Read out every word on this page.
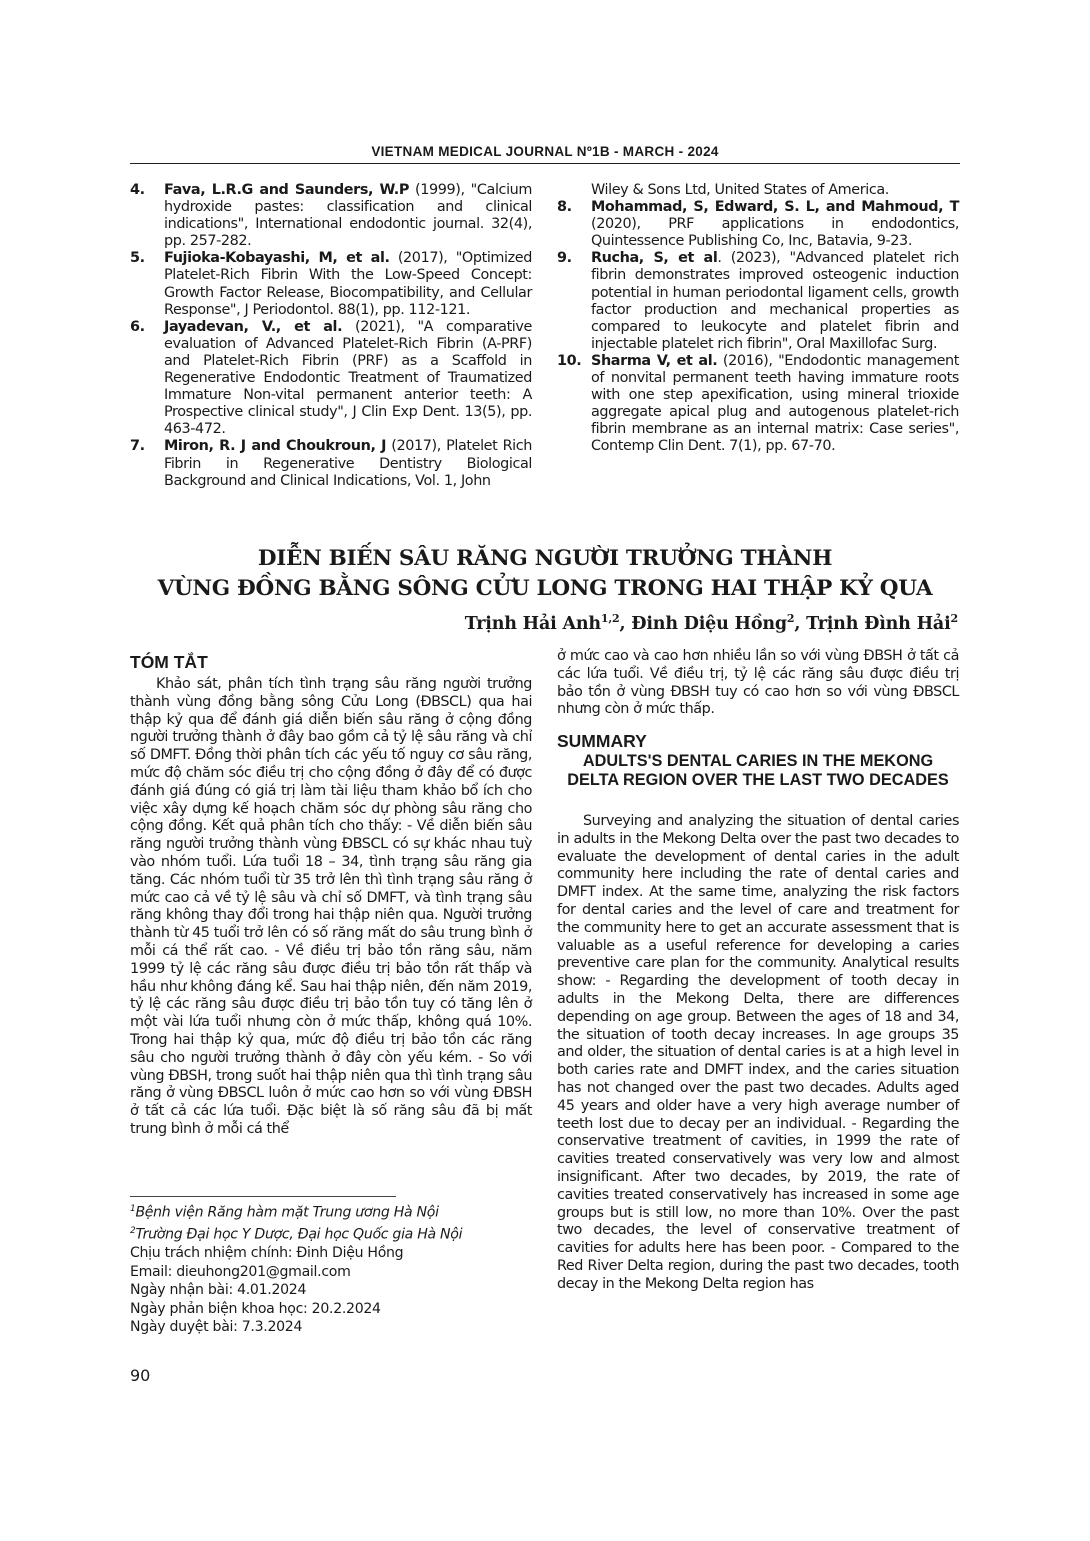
VIETNAM MEDICAL JOURNAL Nº1B - MARCH - 2024
4.	Fava, L.R.G and Saunders, W.P (1999), "Calcium hydroxide pastes: classification and clinical indications", International endodontic journal. 32(4), pp. 257-282.
5.	Fujioka-Kobayashi, M, et al. (2017), "Optimized Platelet-Rich Fibrin With the Low-Speed Concept: Growth Factor Release, Biocompatibility, and Cellular Response", J Periodontol. 88(1), pp. 112-121.
6.	Jayadevan, V., et al. (2021), "A comparative evaluation of Advanced Platelet-Rich Fibrin (A-PRF) and Platelet-Rich Fibrin (PRF) as a Scaffold in Regenerative Endodontic Treatment of Traumatized Immature Non-vital permanent anterior teeth: A Prospective clinical study", J Clin Exp Dent. 13(5), pp. 463-472.
7.	Miron, R. J and Choukroun, J (2017), Platelet Rich Fibrin in Regenerative Dentistry Biological Background and Clinical Indications, Vol. 1, John
Wiley & Sons Ltd, United States of America.
8.	Mohammad, S, Edward, S. L, and Mahmoud, T (2020), PRF applications in endodontics, Quintessence Publishing Co, Inc, Batavia, 9-23.
9.	Rucha, S, et al. (2023), "Advanced platelet rich fibrin demonstrates improved osteogenic induction potential in human periodontal ligament cells, growth factor production and mechanical properties as compared to leukocyte and platelet fibrin and injectable platelet rich fibrin", Oral Maxillofac Surg.
10. Sharma V, et al. (2016), "Endodontic management of nonvital permanent teeth having immature roots with one step apexification, using mineral trioxide aggregate apical plug and autogenous platelet-rich fibrin membrane as an internal matrix: Case series", Contemp Clin Dent. 7(1), pp. 67-70.
DIỄN BIẾN SÂU RĂNG NGƯỜI TRƯỞNG THÀNH
VÙNG ĐỒNG BẰNG SÔNG CỬU LONG TRONG HAI THẬP KỶ QUA
Trịnh Hải Anh$^{1,2}$, Đinh Diệu Hồng$^2$, Trịnh Đình Hải$^2$
TÓM TẮT
Khảo sát, phân tích tình trạng sâu răng người trưởng thành vùng đồng bằng sông Cửu Long (ĐBSCL) qua hai thập kỷ qua để đánh giá diễn biến sâu răng ở cộng đồng người trưởng thành ở đây bao gồm cả tỷ lệ sâu răng và chỉ số DMFT. Đồng thời phân tích các yếu tố nguy cơ sâu răng, mức độ chăm sóc điều trị cho cộng đồng ở đây để có được đánh giá đúng có giá trị làm tài liệu tham khảo bổ ích cho việc xây dựng kế hoạch chăm sóc dự phòng sâu răng cho cộng đồng. Kết quả phân tích cho thấy: - Về diễn biến sâu răng người trưởng thành vùng ĐBSCL có sự khác nhau tuỳ vào nhóm tuổi. Lứa tuổi 18 – 34, tình trạng sâu răng gia tăng. Các nhóm tuổi từ 35 trở lên thì tình trạng sâu răng ở mức cao cả về tỷ lệ sâu và chỉ số DMFT, và tình trạng sâu răng không thay đổi trong hai thập niên qua. Người trưởng thành từ 45 tuổi trở lên có số răng mất do sâu trung bình ở mỗi cá thể rất cao. - Về điều trị bảo tồn răng sâu, năm 1999 tỷ lệ các răng sâu được điều trị bảo tồn rất thấp và hầu như không đáng kể. Sau hai thập niên, đến năm 2019, tỷ lệ các răng sâu được điều trị bảo tồn tuy có tăng lên ở một vài lứa tuổi nhưng còn ở mức thấp, không quá 10%. Trong hai thập kỷ qua, mức độ điều trị bảo tồn các răng sâu cho người trưởng thành ở đây còn yếu kém. - So với vùng ĐBSH, trong suốt hai thập niên qua thì tình trạng sâu răng ở vùng ĐBSCL luôn ở mức cao hơn so với vùng ĐBSH ở tất cả các lứa tuổi. Đặc biệt là số răng sâu đã bị mất trung bình ở mỗi cá thể
ở mức cao và cao hơn nhiều lần so với vùng ĐBSH ở tất cả các lứa tuổi. Về điều trị, tỷ lệ các răng sâu được điều trị bảo tồn ở vùng ĐBSH tuy có cao hơn so với vùng ĐBSCL nhưng còn ở mức thấp.
SUMMARY
ADULTS'S DENTAL CARIES IN THE MEKONG DELTA REGION OVER THE LAST TWO DECADES
Surveying and analyzing the situation of dental caries in adults in the Mekong Delta over the past two decades to evaluate the development of dental caries in the adult community here including the rate of dental caries and DMFT index. At the same time, analyzing the risk factors for dental caries and the level of care and treatment for the community here to get an accurate assessment that is valuable as a useful reference for developing a caries preventive care plan for the community. Analytical results show: - Regarding the development of tooth decay in adults in the Mekong Delta, there are differences depending on age group. Between the ages of 18 and 34, the situation of tooth decay increases. In age groups 35 and older, the situation of dental caries is at a high level in both caries rate and DMFT index, and the caries situation has not changed over the past two decades. Adults aged 45 years and older have a very high average number of teeth lost due to decay per an individual. - Regarding the conservative treatment of cavities, in 1999 the rate of cavities treated conservatively was very low and almost insignificant. After two decades, by 2019, the rate of cavities treated conservatively has increased in some age groups but is still low, no more than 10%. Over the past two decades, the level of conservative treatment of cavities for adults here has been poor. - Compared to the Red River Delta region, during the past two decades, tooth decay in the Mekong Delta region has
$^1$Bệnh viện Răng hàm mặt Trung ương Hà Nội
$^2$Trường Đại học Y Dược, Đại học Quốc gia Hà Nội
Chịu trách nhiệm chính: Đinh Diệu Hồng
Email: dieuhong201@gmail.com
Ngày nhận bài: 4.01.2024
Ngày phản biện khoa học: 20.2.2024
Ngày duyệt bài: 7.3.2024
90
